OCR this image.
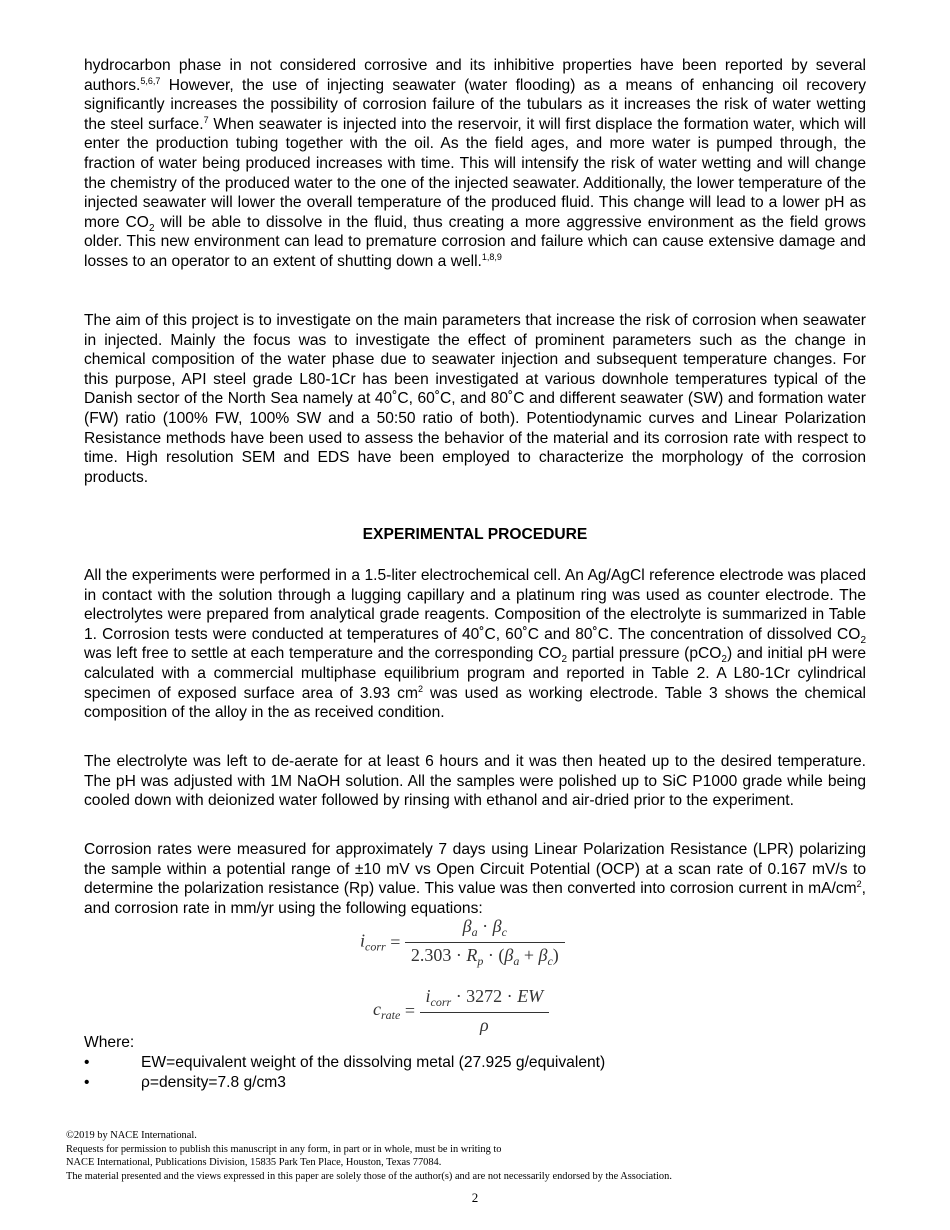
hydrocarbon phase in not considered corrosive and its inhibitive properties have been reported by several authors.$^{5,6,7}$ However, the use of injecting seawater (water flooding) as a means of enhancing oil recovery significantly increases the possibility of corrosion failure of the tubulars as it increases the risk of water wetting the steel surface.$^7$ When seawater is injected into the reservoir, it will first displace the formation water, which will enter the production tubing together with the oil. As the field ages, and more water is pumped through, the fraction of water being produced increases with time. This will intensify the risk of water wetting and will change the chemistry of the produced water to the one of the injected seawater. Additionally, the lower temperature of the injected seawater will lower the overall temperature of the produced fluid. This change will lead to a lower pH as more $CO_2$ will be able to dissolve in the fluid, thus creating a more aggressive environment as the field grows older. This new environment can lead to premature corrosion and failure which can cause extensive damage and losses to an operator to an extent of shutting down a well.$^{1,8,9}$

The aim of this project is to investigate on the main parameters that increase the risk of corrosion when seawater in injected. Mainly the focus was to investigate the effect of prominent parameters such as the change in chemical composition of the water phase due to seawater injection and subsequent temperature changes. For this purpose, API steel grade L80-1Cr has been investigated at various downhole temperatures typical of the Danish sector of the North Sea namely at 40˚C, 60˚C, and 80˚C and different seawater (SW) and formation water (FW) ratio (100% FW, 100% SW and a 50:50 ratio of both). Potentiodynamic curves and Linear Polarization Resistance methods have been used to assess the behavior of the material and its corrosion rate with respect to time. High resolution SEM and EDS have been employed to characterize the morphology of the corrosion products.

EXPERIMENTAL PROCEDURE

All the experiments were performed in a 1.5-liter electrochemical cell. An Ag/AgCl reference electrode was placed in contact with the solution through a lugging capillary and a platinum ring was used as counter electrode. The electrolytes were prepared from analytical grade reagents. Composition of the electrolyte is summarized in Table 1. Corrosion tests were conducted at temperatures of 40˚C, 60˚C and 80˚C. The concentration of dissolved $CO_2$ was left free to settle at each temperature and the corresponding $CO_2$ partial pressure (pCO$_2$) and initial pH were calculated with a commercial multiphase equilibrium program and reported in Table 2. A L80-1Cr cylindrical specimen of exposed surface area of 3.93 $cm^2$ was used as working electrode. Table 3 shows the chemical composition of the alloy in the as received condition.

The electrolyte was left to de-aerate for at least 6 hours and it was then heated up to the desired temperature. The pH was adjusted with 1M NaOH solution. All the samples were polished up to SiC P1000 grade while being cooled down with deionized water followed by rinsing with ethanol and air-dried prior to the experiment.

Corrosion rates were measured for approximately 7 days using Linear Polarization Resistance (LPR) polarizing the sample within a potential range of ±10 mV vs Open Circuit Potential (OCP) at a scan rate of 0.167 mV/s to determine the polarization resistance (Rp) value. This value was then converted into corrosion current in $mA/cm^2$, and corrosion rate in mm/yr using the following equations:

$i_{corr} = \frac{\beta_a \cdot \beta_c}{2.303 \cdot R_p \cdot (\beta_a + \beta_c)}$
$c_{rate} = \frac{i_{corr} \cdot 3272 \cdot EW}{\rho}$

Where:

•	EW=equivalent weight of the dissolving metal (27.925 g/equivalent)
•	ρ=density=7.8 g/cm3
©2019 by NACE International.
Requests for permission to publish this manuscript in any form, in part or in whole, must be in writing to
NACE International, Publications Division, 15835 Park Ten Place, Houston, Texas 77084.
The material presented and the views expressed in this paper are solely those of the author(s) and are not necessarily endorsed by the Association.
2
